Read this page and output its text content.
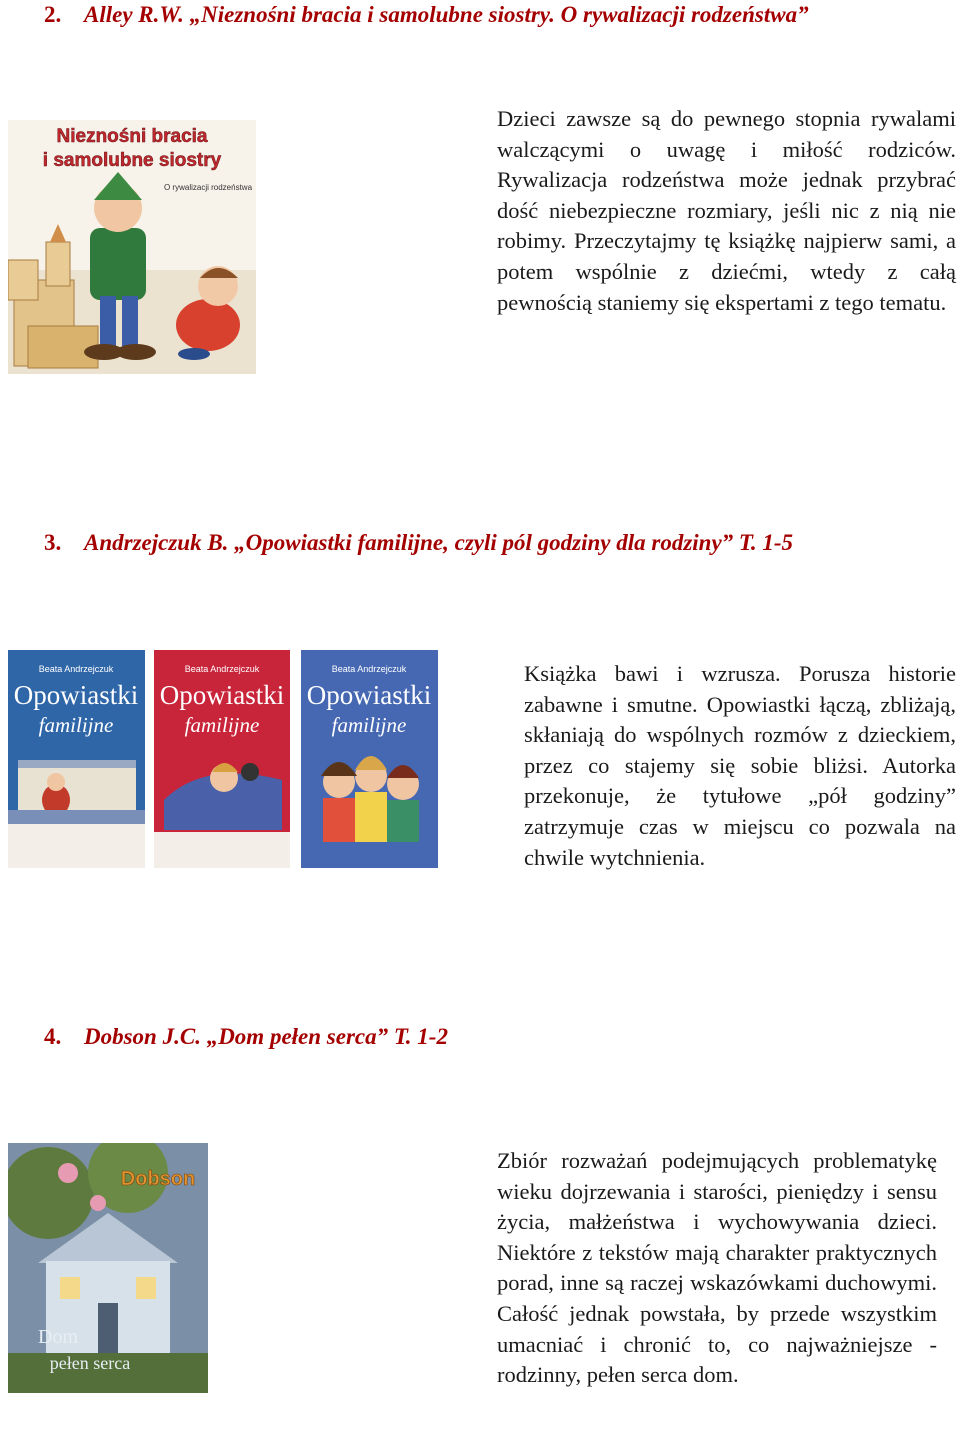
2. Alley R.W. „Nieznośni bracia i samolubne siostry. O rywalizacji rodzeństwa”
Nieznośni bracia
i samolubne siostry
O rywalizacji rodzeństwa

Dzieci zawsze są do pewnego stopnia rywalami walczącymi o uwagę i miłość rodziców. Rywalizacja rodzeństwa może jednak przybrać dość niebezpieczne rozmiary, jeśli nic z nią nie robimy. Przeczytajmy tę książkę najpierw sami, a potem wspólnie z dziećmi, wtedy z całą pewnością staniemy się ekspertami z tego tematu.

3. Andrzejczuk B. „Opowiastki familijne, czyli pól godziny dla rodziny” T. 1-5
Beata Andrzejczuk
Opowiastki
familijne
Beata Andrzejczuk
Opowiastki
familijne
Beata Andrzejczuk
Opowiastki
familijne

Książka bawi i wzrusza. Porusza historie zabawne i smutne. Opowiastki łączą, zbliżają, skłaniają do wspólnych rozmów z dzieckiem, przez co stajemy się sobie bliżsi. Autorka przekonuje, że tytułowe „pół godziny” zatrzymuje czas w miejscu co pozwala na chwile wytchnienia.

4. Dobson J.C. „Dom pełen serca” T. 1-2
Dobson
Dom
pełen serca

Zbiór rozważań podejmujących problematykę wieku dojrzewania i starości, pieniędzy i sensu życia, małżeństwa i wychowywania dzieci. Niektóre z tekstów mają charakter praktycznych porad, inne są raczej wskazówkami duchowymi. Całość jednak powstała, by przede wszystkim umacniać i chronić to, co najważniejsze - rodzinny, pełen serca dom.
